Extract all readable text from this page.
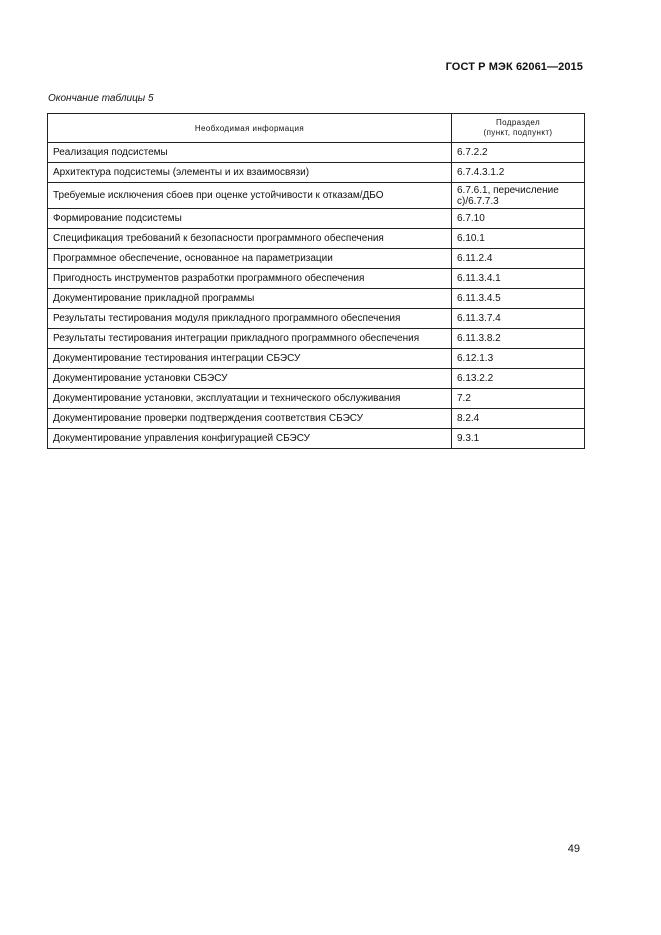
ГОСТ Р МЭК 62061—2015
Окончание таблицы 5
Необходимая информация	Подраздел
(пункт, подпункт)

Реализация подсистемы	6.7.2.2
Архитектура подсистемы (элементы и их взаимосвязи)	6.7.4.3.1.2
Требуемые исключения сбоев при оценке устойчивости к отказам/ДБО	6.7.6.1, перечисление
c)/6.7.7.3

Формирование подсистемы	6.7.10
Спецификация требований к безопасности программного обеспечения	6.10.1
Программное обеспечение, основанное на параметризации	6.11.2.4
Пригодность инструментов разработки программного обеспечения	6.11.3.4.1
Документирование прикладной программы	6.11.3.4.5
Результаты тестирования модуля прикладного программного обеспечения	6.11.3.7.4
Результаты тестирования интеграции прикладного программного обеспечения	6.11.3.8.2
Документирование тестирования интеграции СБЭСУ	6.12.1.3
Документирование установки СБЭСУ	6.13.2.2
Документирование установки, эксплуатации и технического обслуживания	7.2
Документирование проверки подтверждения соответствия СБЭСУ	8.2.4
Документирование управления конфигурацией СБЭСУ	9.3.1
49
